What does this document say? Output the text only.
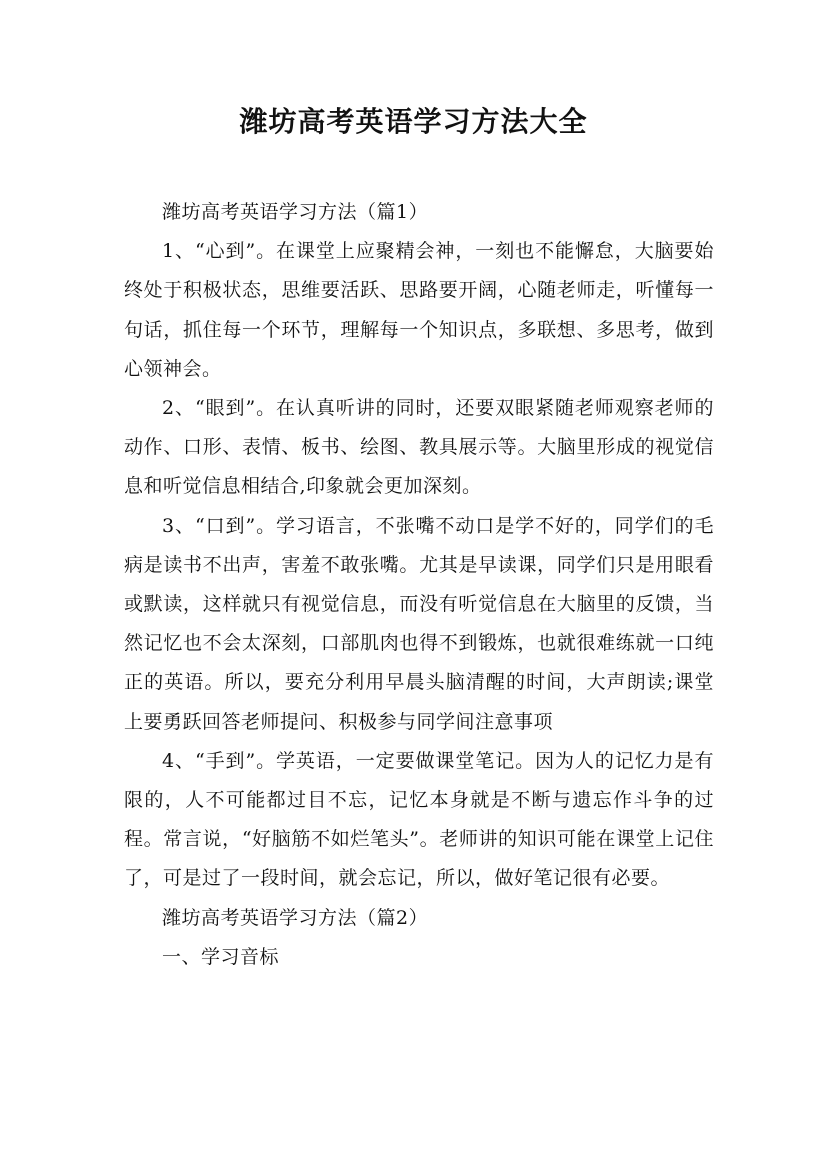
潍坊高考英语学习方法大全

潍坊高考英语学习方法（篇1）

1、“心到”。在课堂上应聚精会神，一刻也不能懈怠，大脑要始终处于积极状态，思维要活跃、思路要开阔，心随老师走，听懂每一句话，抓住每一个环节，理解每一个知识点，多联想、多思考，做到心领神会。

2、“眼到”。在认真听讲的同时，还要双眼紧随老师观察老师的动作、口形、表情、板书、绘图、教具展示等。大脑里形成的视觉信息和听觉信息相结合,印象就会更加深刻。

3、“口到”。学习语言，不张嘴不动口是学不好的，同学们的毛病是读书不出声，害羞不敢张嘴。尤其是早读课，同学们只是用眼看或默读，这样就只有视觉信息，而没有听觉信息在大脑里的反馈，当然记忆也不会太深刻，口部肌肉也得不到锻炼，也就很难练就一口纯正的英语。所以，要充分利用早晨头脑清醒的时间，大声朗读;课堂上要勇跃回答老师提问、积极参与同学间注意事项

4、“手到”。学英语，一定要做课堂笔记。因为人的记忆力是有限的，人不可能都过目不忘，记忆本身就是不断与遗忘作斗争的过程。常言说，“好脑筋不如烂笔头”。老师讲的知识可能在课堂上记住了，可是过了一段时间，就会忘记，所以，做好笔记很有必要。

潍坊高考英语学习方法（篇2）

一、学习音标
